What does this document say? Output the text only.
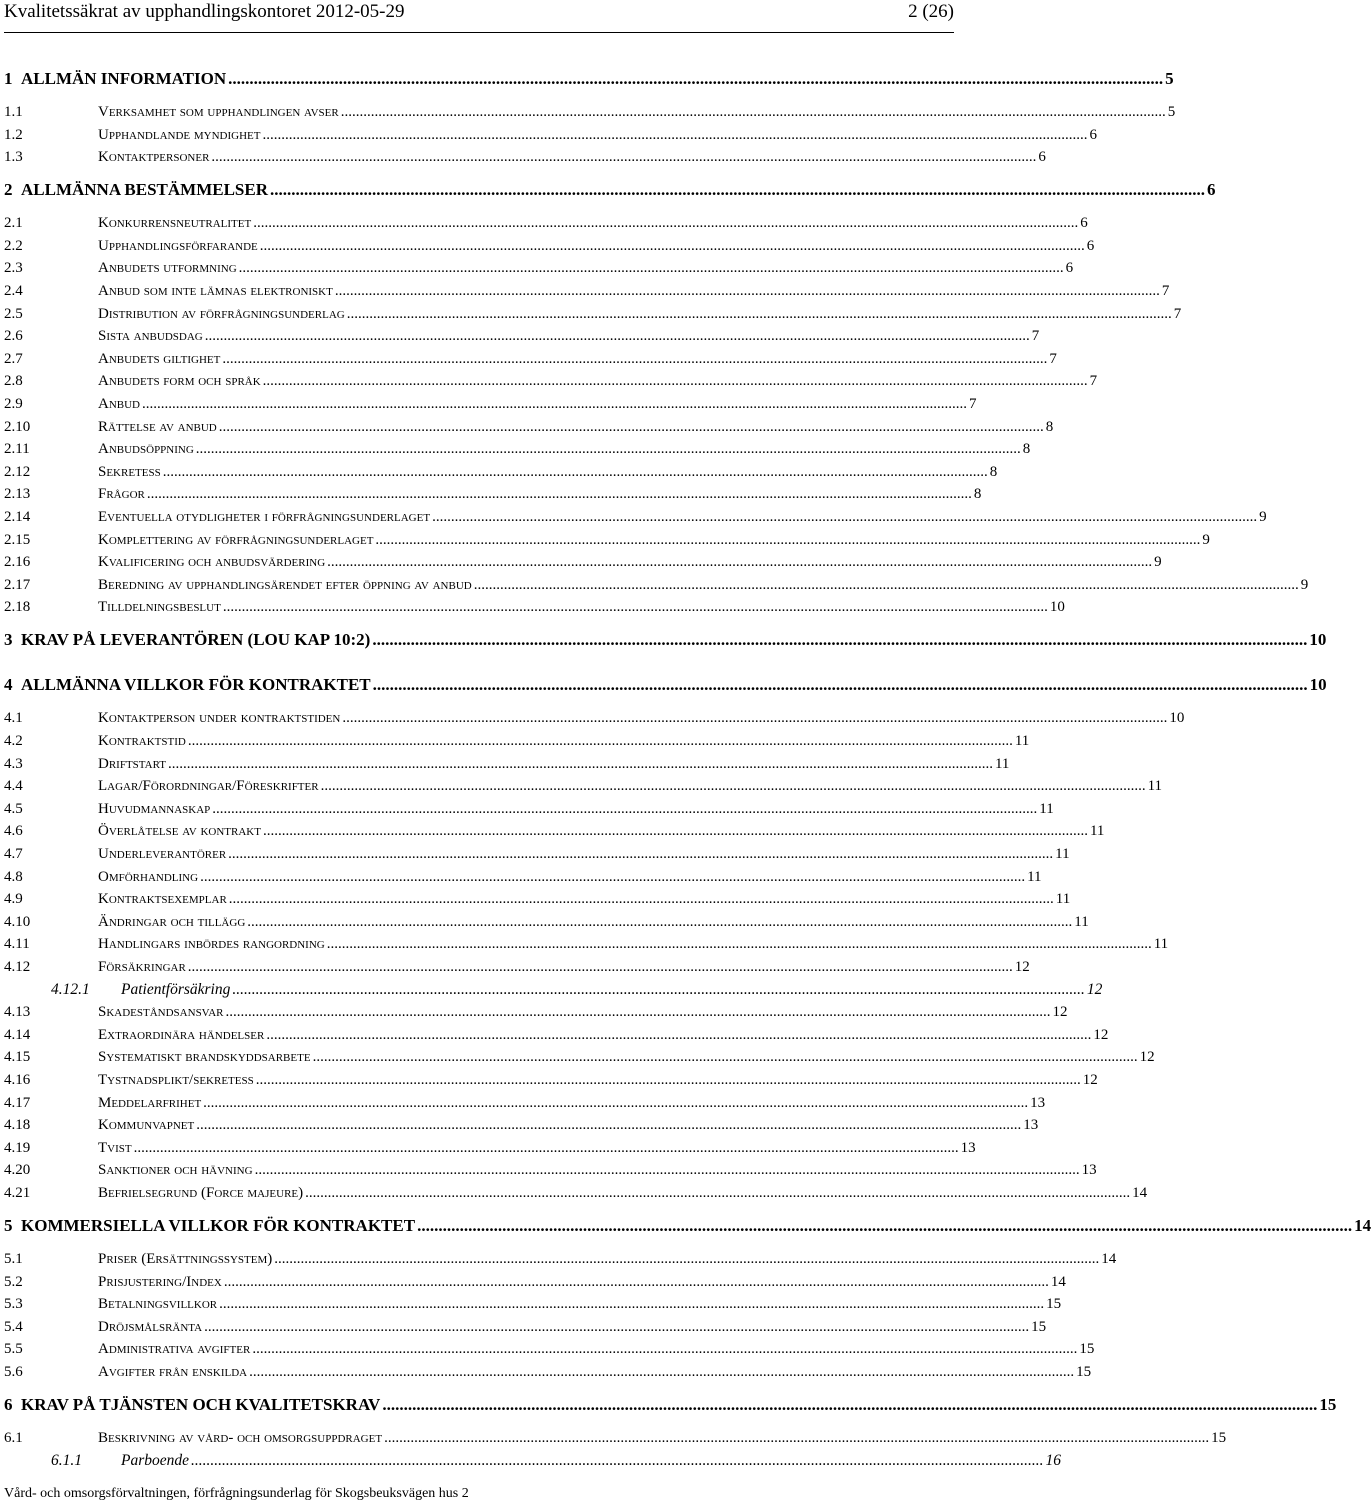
Kvalitetssäkrat av upphandlingskontoret 2012-05-29	2 (26)
1 ALLMÄN INFORMATION ............................................................................................................................................................................................................................ 5
1.1	Verksamhet som upphandlingen avser ............................................................................................................................................................................................................................ 5
1.2	Upphandlande myndighet ............................................................................................................................................................................................................................ 6
1.3	Kontaktpersoner ............................................................................................................................................................................................................................ 6
2 ALLMÄNNA BESTÄMMELSER ............................................................................................................................................................................................................................ 6
2.1	Konkurrensneutralitet ............................................................................................................................................................................................................................ 6
2.2	Upphandlingsförfarande ............................................................................................................................................................................................................................ 6
2.3	Anbudets utformning ............................................................................................................................................................................................................................ 6
2.4	Anbud som inte lämnas elektroniskt ............................................................................................................................................................................................................................ 7
2.5	Distribution av förfrågningsunderlag ............................................................................................................................................................................................................................ 7
2.6	Sista anbudsdag ............................................................................................................................................................................................................................ 7
2.7	Anbudets giltighet ............................................................................................................................................................................................................................ 7
2.8	Anbudets form och språk ............................................................................................................................................................................................................................ 7
2.9	Anbud ............................................................................................................................................................................................................................ 7
2.10	Rättelse av anbud ............................................................................................................................................................................................................................ 8
2.11	Anbudsöppning ............................................................................................................................................................................................................................ 8
2.12	Sekretess ............................................................................................................................................................................................................................ 8
2.13	Frågor ............................................................................................................................................................................................................................ 8
2.14	Eventuella otydligheter i förfrågningsunderlaget ............................................................................................................................................................................................................................ 9
2.15	Komplettering av förfrågningsunderlaget ............................................................................................................................................................................................................................ 9
2.16	Kvalificering och anbudsvärdering ............................................................................................................................................................................................................................ 9
2.17	Beredning av upphandlingsärendet efter öppning av anbud ............................................................................................................................................................................................................................ 9
2.18	Tilldelningsbeslut ............................................................................................................................................................................................................................ 10
3 KRAV PÅ LEVERANTÖREN (LOU KAP 10:2) ............................................................................................................................................................................................................................ 10
4 ALLMÄNNA VILLKOR FÖR KONTRAKTET ............................................................................................................................................................................................................................ 10
4.1	Kontaktperson under kontraktstiden ............................................................................................................................................................................................................................ 10
4.2	Kontraktstid ............................................................................................................................................................................................................................ 11
4.3	Driftstart ............................................................................................................................................................................................................................ 11
4.4	Lagar/Förordningar/Föreskrifter ............................................................................................................................................................................................................................ 11
4.5	Huvudmannaskap ............................................................................................................................................................................................................................ 11
4.6	Överlåtelse av kontrakt ............................................................................................................................................................................................................................ 11
4.7	Underleverantörer ............................................................................................................................................................................................................................ 11
4.8	Omförhandling ............................................................................................................................................................................................................................ 11
4.9	Kontraktsexemplar ............................................................................................................................................................................................................................ 11
4.10	Ändringar och tillägg ............................................................................................................................................................................................................................ 11
4.11	Handlingars inbördes rangordning ............................................................................................................................................................................................................................ 11
4.12	Försäkringar ............................................................................................................................................................................................................................ 12
4.12.1 Patientförsäkring ............................................................................................................................................................................................................................ 12
4.13	Skadeståndsansvar ............................................................................................................................................................................................................................ 12
4.14	Extraordinära händelser ............................................................................................................................................................................................................................ 12
4.15	Systematiskt brandskyddsarbete ............................................................................................................................................................................................................................ 12
4.16	Tystnadsplikt/sekretess ............................................................................................................................................................................................................................ 12
4.17	Meddelarfrihet ............................................................................................................................................................................................................................ 13
4.18	Kommunvapnet ............................................................................................................................................................................................................................ 13
4.19	Tvist ............................................................................................................................................................................................................................ 13
4.20	Sanktioner och hävning ............................................................................................................................................................................................................................ 13
4.21	Befrielsegrund (Force majeure) ............................................................................................................................................................................................................................ 14
5 KOMMERSIELLA VILLKOR FÖR KONTRAKTET ............................................................................................................................................................................................................................ 14
5.1	Priser (Ersättningssystem) ............................................................................................................................................................................................................................ 14
5.2	Prisjustering/Index ............................................................................................................................................................................................................................ 14
5.3	Betalningsvillkor ............................................................................................................................................................................................................................ 15
5.4	Dröjsmålsränta ............................................................................................................................................................................................................................ 15
5.5	Administrativa avgifter ............................................................................................................................................................................................................................ 15
5.6	Avgifter från enskilda ............................................................................................................................................................................................................................ 15
6 KRAV PÅ TJÄNSTEN OCH KVALITETSKRAV ............................................................................................................................................................................................................................ 15
6.1	Beskrivning av vård- och omsorgsuppdraget ............................................................................................................................................................................................................................ 15
6.1.1	Parboende ............................................................................................................................................................................................................................ 16
Vård- och omsorgsförvaltningen, förfrågningsunderlag för Skogsbeuksvägen hus 2
